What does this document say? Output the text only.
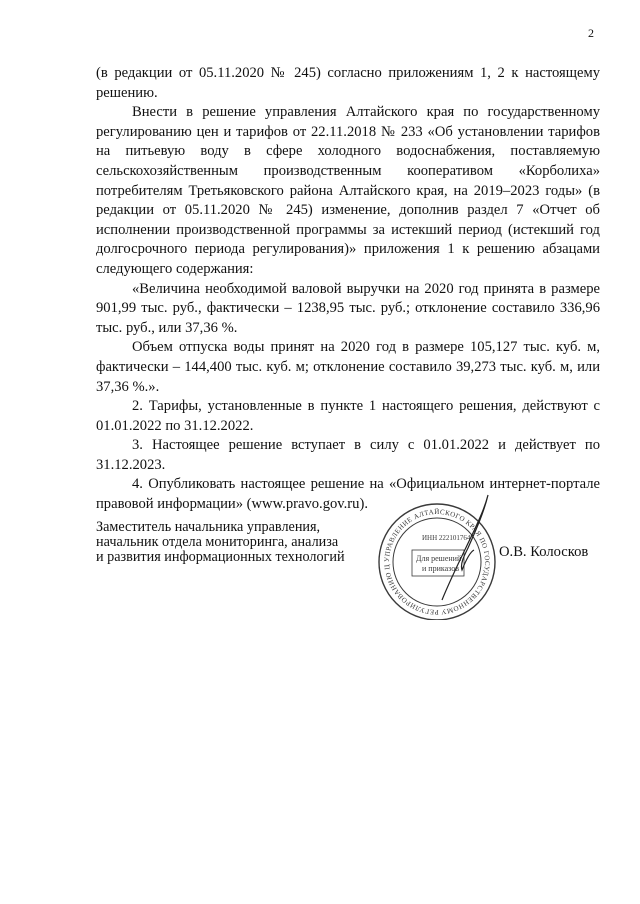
2

(в редакции от 05.11.2020 № 245) согласно приложениям 1, 2 к настоящему решению.

Внести в решение управления Алтайского края по государственному регулированию цен и тарифов от 22.11.2018 № 233 «Об установлении тарифов на питьевую воду в сфере холодного водоснабжения, поставляемую сельскохозяйственным производственным кооперативом «Корболиха» потребителям Третьяковского района Алтайского края, на 2019–2023 годы» (в редакции от 05.11.2020 № 245) изменение, дополнив раздел 7 «Отчет об исполнении производственной программы за истекший период (истекший год долгосрочного периода регулирования)» приложения 1 к решению абзацами следующего содержания:

«Величина необходимой валовой выручки на 2020 год принята в размере 901,99 тыс. руб., фактически – 1238,95 тыс. руб.; отклонение составило 336,96 тыс. руб., или 37,36 %.

Объем отпуска воды принят на 2020 год в размере 105,127 тыс. куб. м, фактически – 144,400 тыс. куб. м; отклонение составило 39,273 тыс. куб. м, или 37,36 %.».

2. Тарифы, установленные в пункте 1 настоящего решения, действуют с 01.01.2022 по 31.12.2022.

3. Настоящее решение вступает в силу с 01.01.2022 и действует по 31.12.2023.

4. Опубликовать настоящее решение на «Официальном интернет-портале правовой информации» (www.pravo.gov.ru).

Заместитель начальника управления,
начальник отдела мониторинга, анализа
и развития информационных технологий	УПРАВЛЕНИЕ АЛТАЙСКОГО КРАЯ ПО ГОСУДАРСТВЕННОМУ РЕГУЛИРОВАНИЮ Ц
ИНН 2221017647
Для решений
и приказов
О.В. Колосков
